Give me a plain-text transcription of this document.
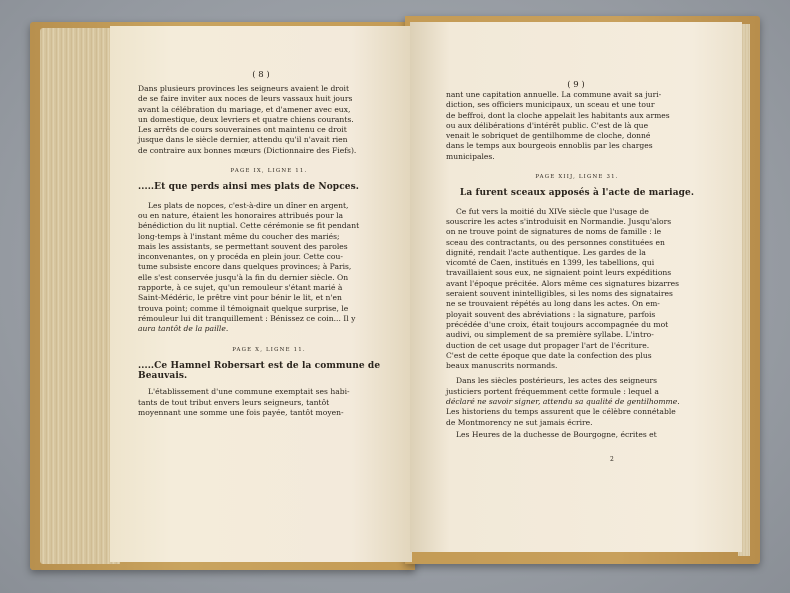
( 8 )
Dans plusieurs provinces les seigneurs avaient le droit
de se faire inviter aux noces de leurs vassaux huit jours
avant la célébration du mariage, et d'amener avec eux,
un domestique, deux levriers et quatre chiens courants.
Les arrêts de cours souveraines ont maintenu ce droit
jusque dans le siècle dernier, attendu qu'il n'avait rien
de contraire aux bonnes mœurs (Dictionnaire des Fiefs).
PAGE IX, LIGNE 11.
.....Et que perds ainsi mes plats de Nopces.
Les plats de nopces, c'est-à-dire un dîner en argent,
ou en nature, étaient les honoraires attribués pour la
bénédiction du lit nuptial. Cette cérémonie se fit pendant
long-temps à l'instant même du coucher des mariés;
mais les assistants, se permettant souvent des paroles
inconvenantes, on y procéda en plein jour. Cette cou-
tume subsiste encore dans quelques provinces; à Paris,
elle s'est conservée jusqu'à la fin du dernier siècle. On
rapporte, à ce sujet, qu'un remouleur s'étant marié à
Saint-Médéric, le prêtre vint pour bénir le lit, et n'en
trouva point; comme il témoignait quelque surprise, le
rémouleur lui dit tranquillement : Bénissez ce coin... Il y
aura tantôt de la paille.
PAGE X, LIGNE 11.
.....Ce Hamnel Robersart est de la commune de
Beauvais.
L'établissement d'une commune exemptait ses habi-
tants de tout tribut envers leurs seigneurs, tantôt
moyennant une somme une fois payée, tantôt moyen-
( 9 )
nant une capitation annuelle. La commune avait sa juri-
diction, ses officiers municipaux, un sceau et une tour
de beffroi, dont la cloche appelait les habitants aux armes
ou aux délibérations d'intérêt public. C'est de là que
venait le sobriquet de gentilhomme de cloche, donné
dans le temps aux bourgeois ennoblis par les charges
municipales.
PAGE XIIJ, LIGNE 31.
La furent sceaux apposés à l'acte de mariage.
Ce fut vers la moitié du XIVe siècle que l'usage de
souscrire les actes s'introduisit en Normandie. Jusqu'alors
on ne trouve point de signatures de noms de famille : le
sceau des contractants, ou des personnes constituées en
dignité, rendait l'acte authentique. Les gardes de la
vicomté de Caen, institués en 1399, les tabellions, qui
travaillaient sous eux, ne signaient point leurs expéditions
avant l'époque précitée. Alors même ces signatures bizarres
seraient souvent inintelligibles, si les noms des signataires
ne se trouvaient répétés au long dans les actes. On em-
ployait souvent des abréviations : la signature, parfois
précédée d'une croix, était toujours accompagnée du mot
audivi, ou simplement de sa première syllabe. L'intro-
duction de cet usage dut propager l'art de l'écriture.
C'est de cette époque que date la confection des plus
beaux manuscrits normands.
Dans les siècles postérieurs, les actes des seigneurs
justiciers portent fréquemment cette formule : lequel a
déclaré ne savoir signer, attendu sa qualité de gentilhomme.
Les historiens du temps assurent que le célèbre connétable
de Montmorency ne sut jamais écrire.
Les Heures de la duchesse de Bourgogne, écrites et
2
